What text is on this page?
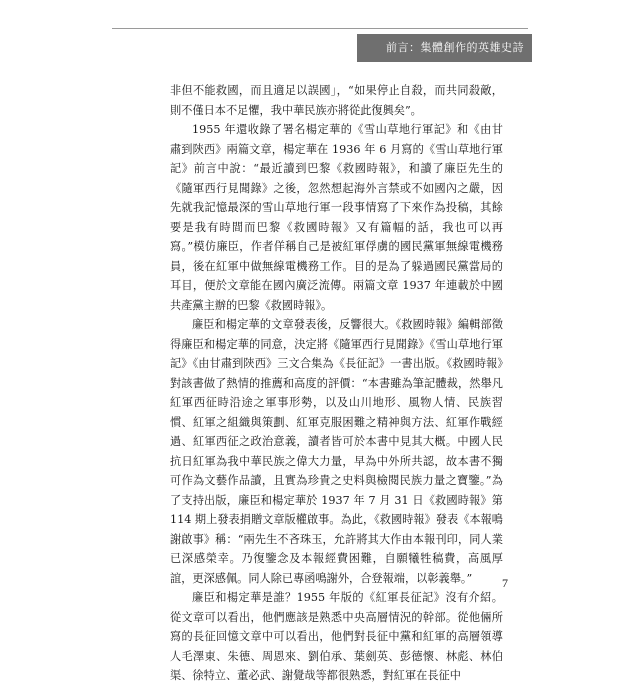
前言：集體創作的英雄史詩

非但不能救國，而且適足以誤國」，“如果停止自殺，而共同殺敵，則不僅日本不足懼，我中華民族亦將從此復興矣”。

1955 年還收錄了署名楊定華的《雪山草地行軍記》和《由甘肅到陝西》兩篇文章，楊定華在 1936 年 6 月寫的《雪山草地行軍記》前言中說：“最近讀到巴黎《救國時報》，和讀了廉臣先生的《隨軍西行見聞錄》之後，忽然想起海外言禁或不如國內之嚴，因先就我記憶最深的雪山草地行軍一段事情寫了下來作為投稿，其餘要是我有時間而巴黎《救國時報》又有篇幅的話，我也可以再寫。”模仿廉臣，作者佯稱自己是被紅軍俘虜的國民黨軍無線電機務員，後在紅軍中做無線電機務工作。目的是為了躲過國民黨當局的耳目，便於文章能在國內廣泛流傳。兩篇文章 1937 年連載於中國共產黨主辦的巴黎《救國時報》。

廉臣和楊定華的文章發表後，反響很大。《救國時報》編輯部徵得廉臣和楊定華的同意，決定將《隨軍西行見聞錄》《雪山草地行軍記》《由甘肅到陝西》三文合集為《長征記》一書出版。《救國時報》對該書做了熱情的推薦和高度的評價：“本書雖為筆記體裁，然舉凡紅軍西征時沿途之軍事形勢，以及山川地形、風物人情、民族習慣、紅軍之組織與策劃、紅軍克服困難之精神與方法、紅軍作戰經過、紅軍西征之政治意義，讀者皆可於本書中見其大概。中國人民抗日紅軍為我中華民族之偉大力量，早為中外所共認，故本書不獨可作為文藝作品讀，且實為珍貴之史料與檢閱民族力量之寶鑒。”為了支持出版，廉臣和楊定華於 1937 年 7 月 31 日《救國時報》第 114 期上發表捐贈文章版權啟事。為此，《救國時報》發表《本報鳴謝啟事》稱：“兩先生不吝珠玉，允許將其大作由本報刊印，同人業已深感榮幸。乃復鑒念及本報經費困難，自願犧牲稿費，高風厚誼，更深感佩。同人除已專函鳴謝外，合登報端，以彰義舉。”

廉臣和楊定華是誰？1955 年版的《紅軍長征記》沒有介紹。從文章可以看出，他們應該是熟悉中央高層情況的幹部。從他倆所寫的長征回憶文章中可以看出，他們對長征中黨和紅軍的高層領導人毛澤東、朱德、周恩來、劉伯承、葉劍英、彭德懷、林彪、林伯渠、徐特立、董必武、謝覺哉等都很熟悉，對紅軍在長征中

7
